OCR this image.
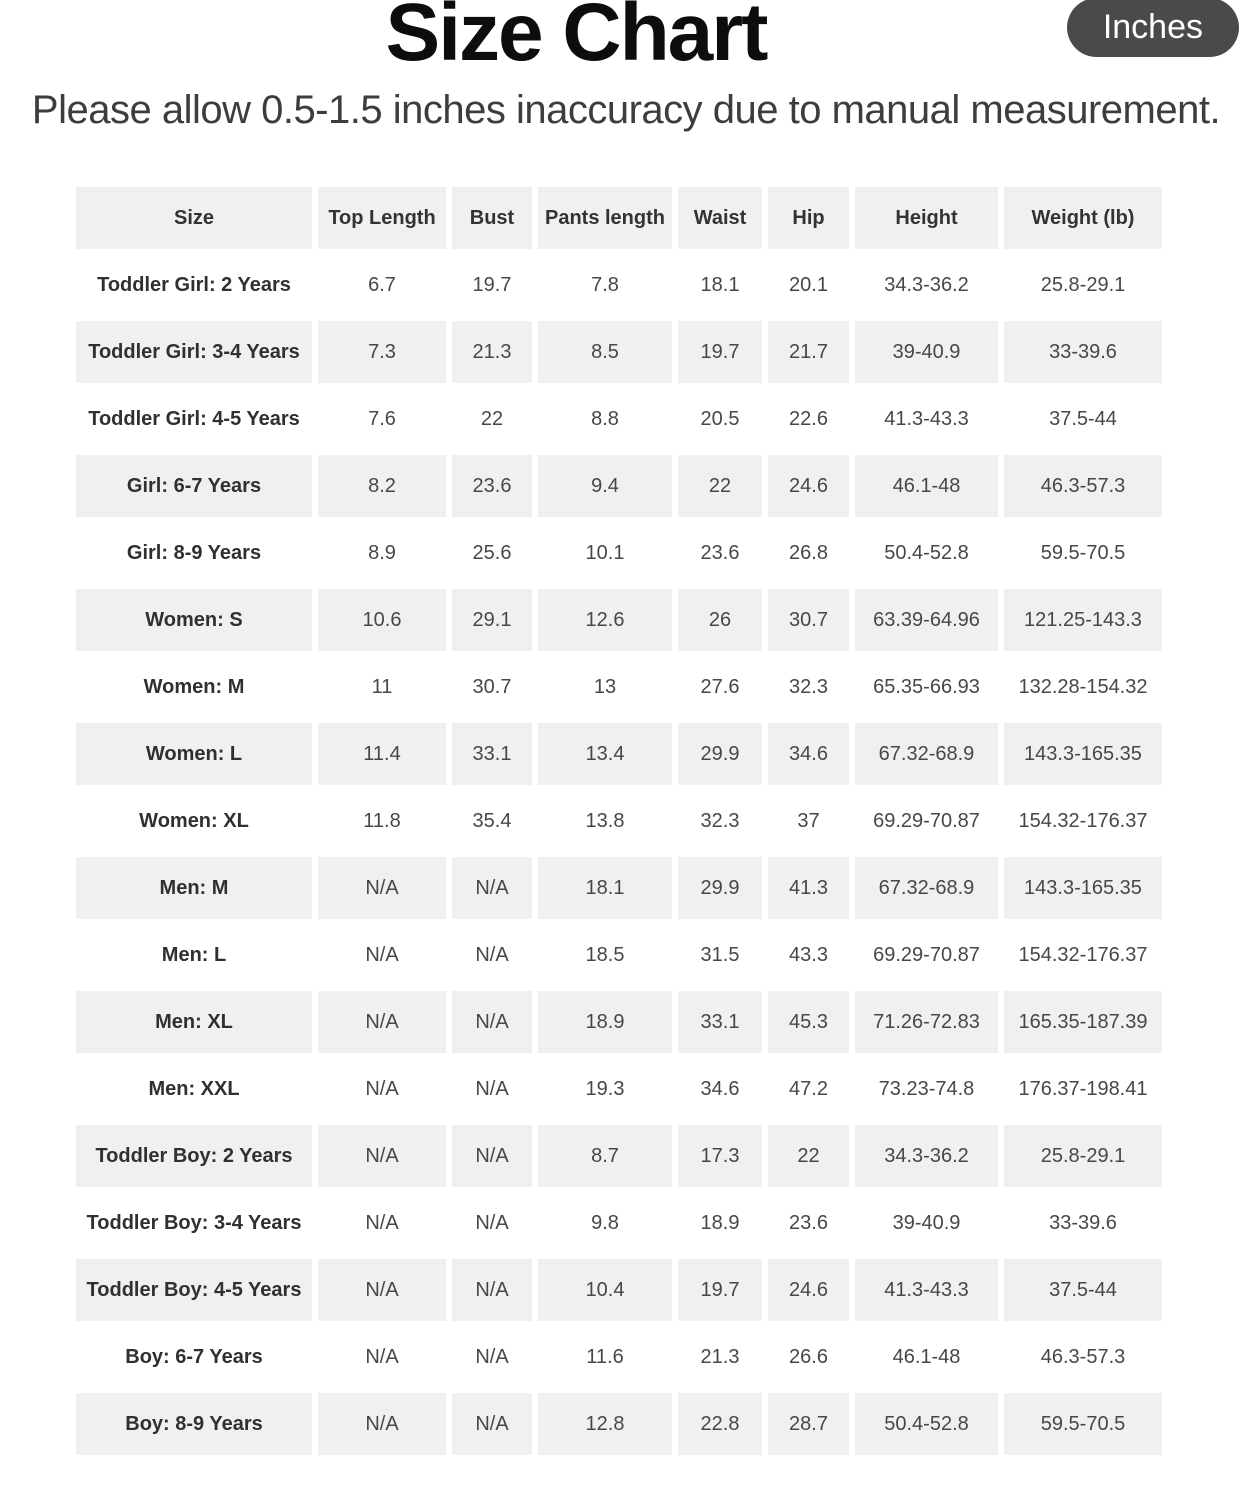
Size Chart	Inches

Please allow 0.5-1.5 inches inaccuracy due to manual measurement.

Size	Top Length	Bust	Pants length	Waist	Hip	Height	Weight (lb)
Toddler Girl: 2 Years	6.7	19.7	7.8	18.1	20.1	34.3-36.2	25.8-29.1
Toddler Girl: 3-4 Years	7.3	21.3	8.5	19.7	21.7	39-40.9	33-39.6
Toddler Girl: 4-5 Years	7.6	22	8.8	20.5	22.6	41.3-43.3	37.5-44
Girl: 6-7 Years	8.2	23.6	9.4	22	24.6	46.1-48	46.3-57.3
Girl: 8-9 Years	8.9	25.6	10.1	23.6	26.8	50.4-52.8	59.5-70.5
Women: S	10.6	29.1	12.6	26	30.7	63.39-64.96	121.25-143.3
Women: M	11	30.7	13	27.6	32.3	65.35-66.93	132.28-154.32
Women: L	11.4	33.1	13.4	29.9	34.6	67.32-68.9	143.3-165.35
Women: XL	11.8	35.4	13.8	32.3	37	69.29-70.87	154.32-176.37
Men: M	N/A	N/A	18.1	29.9	41.3	67.32-68.9	143.3-165.35
Men: L	N/A	N/A	18.5	31.5	43.3	69.29-70.87	154.32-176.37
Men: XL	N/A	N/A	18.9	33.1	45.3	71.26-72.83	165.35-187.39
Men: XXL	N/A	N/A	19.3	34.6	47.2	73.23-74.8	176.37-198.41
Toddler Boy: 2 Years	N/A	N/A	8.7	17.3	22	34.3-36.2	25.8-29.1
Toddler Boy: 3-4 Years	N/A	N/A	9.8	18.9	23.6	39-40.9	33-39.6
Toddler Boy: 4-5 Years	N/A	N/A	10.4	19.7	24.6	41.3-43.3	37.5-44
Boy: 6-7 Years	N/A	N/A	11.6	21.3	26.6	46.1-48	46.3-57.3
Boy: 8-9 Years	N/A	N/A	12.8	22.8	28.7	50.4-52.8	59.5-70.5
